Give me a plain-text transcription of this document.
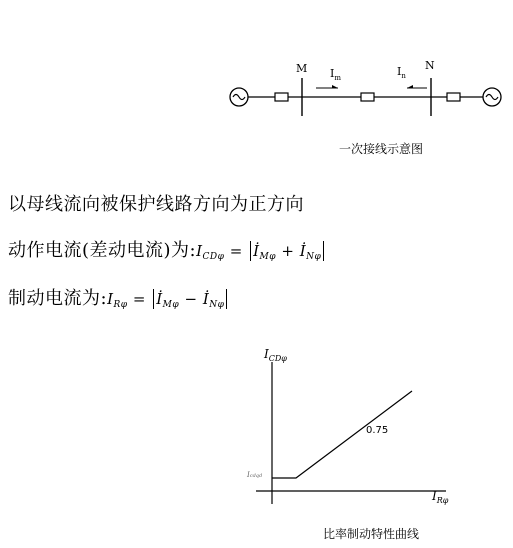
M	N
$I_m$	$I_n$
一次接线示意图
以母线流向被保护线路方向为正方向
动作电流(差动电流)为$:I_{CD\varphi}$ = $İ_{M\varphi}$ + $İ_{N\varphi}$
制动电流为$:I_{R\varphi}$ = $İ_{M\varphi}$ − $İ_{N\varphi}$
$I_{CD\varphi}$
$I_{R\varphi}$
Icdqd
0.75
比率制动特性曲线
